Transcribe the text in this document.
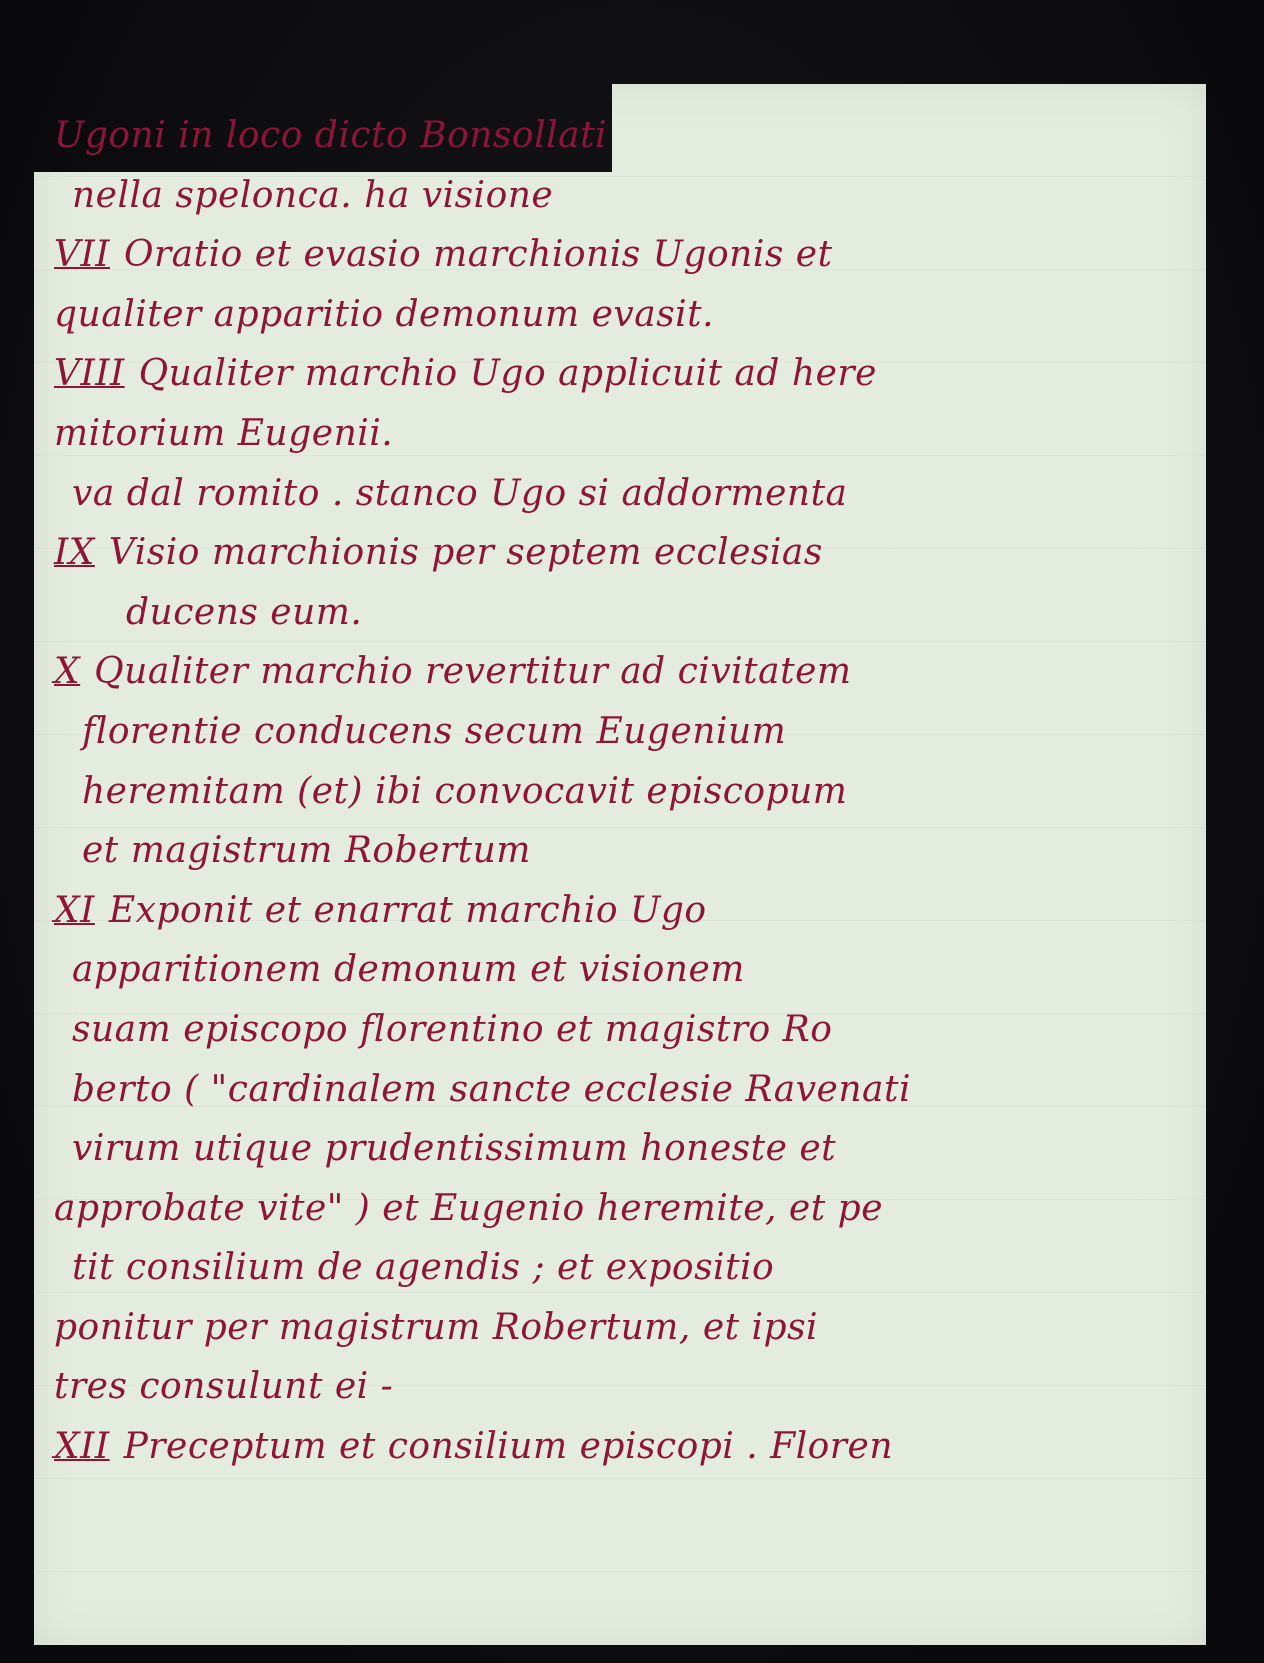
Ugoni in loco dicto Bonsollati
nella spelonca. ha visione
VII Oratio et evasio marchionis Ugonis et
qualiter apparitio demonum evasit.
VIII Qualiter marchio Ugo applicuit ad here
mitorium Eugenii.
va dal romito . stanco Ugo si addormenta
IX Visio marchionis per septem ecclesias
ducens eum.
X Qualiter marchio revertitur ad civitatem
florentie conducens secum Eugenium
heremitam (et) ibi convocavit episcopum
et magistrum Robertum
XI Exponit et enarrat marchio Ugo
apparitionem demonum et visionem
suam episcopo florentino et magistro Ro
berto ( "cardinalem sancte ecclesie Ravenati
virum utique prudentissimum honeste et
approbate vite" ) et Eugenio heremite, et pe
tit consilium de agendis ; et expositio
ponitur per magistrum Robertum, et ipsi
tres consulunt ei -
XII Preceptum et consilium episcopi . Floren
